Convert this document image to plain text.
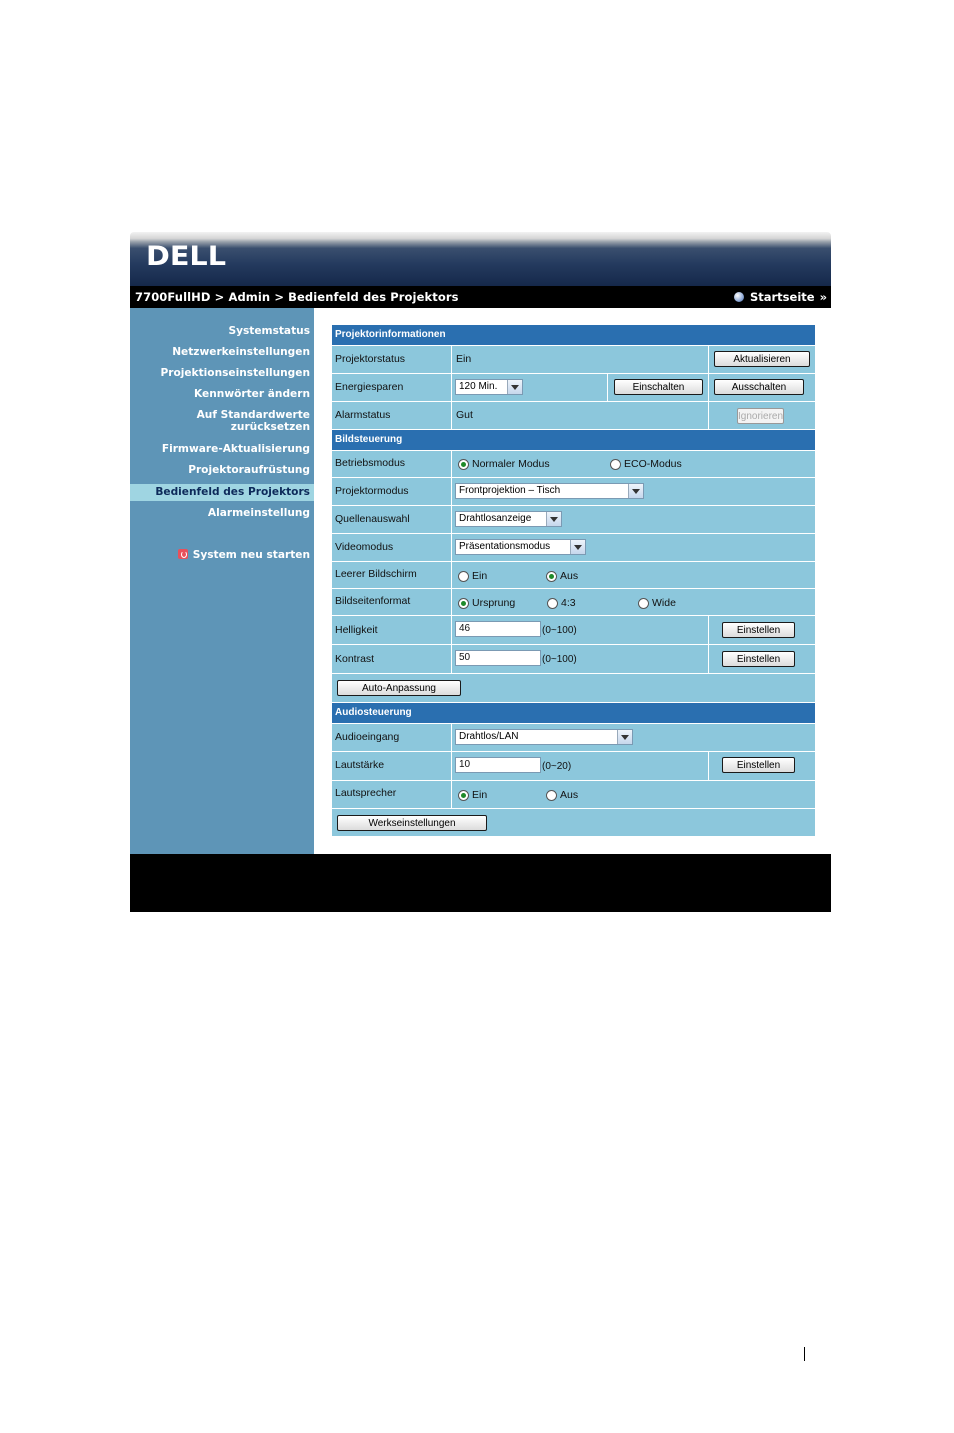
DELL
7700FullHD > Admin > Bedienfeld des Projektors	Startseite »
Systemstatus
Netzwerkeinstellungen
Projektionseinstellungen
Kennwörter ändern
Auf Standardwerte
zurücksetzen
Firmware-Aktualisierung
Projektoraufrüstung
Bedienfeld des Projektors
Alarmeinstellung
System neu starten
Projektorinformationen
Projektorstatus	Ein	Aktualisieren
Energiesparen	120 Min.	Einschalten	Ausschalten
Alarmstatus	Gut	Ignorieren
Bildsteuerung
Betriebsmodus	Normaler Modus	ECO-Modus
Projektormodus	Frontprojektion – Tisch
Quellenauswahl	Drahtlosanzeige
Videomodus	Präsentationsmodus
Leerer Bildschirm	Ein	Aus
Bildseitenformat	Ursprung	4:3	Wide
Helligkeit	46	(0~100)	Einstellen
Kontrast	50	(0~100)	Einstellen
Auto-Anpassung
Audiosteuerung
Audioeingang	Drahtlos/LAN
Lautstärke	10	(0~20)	Einstellen
Lautsprecher	Ein	Aus
Werkseinstellungen
